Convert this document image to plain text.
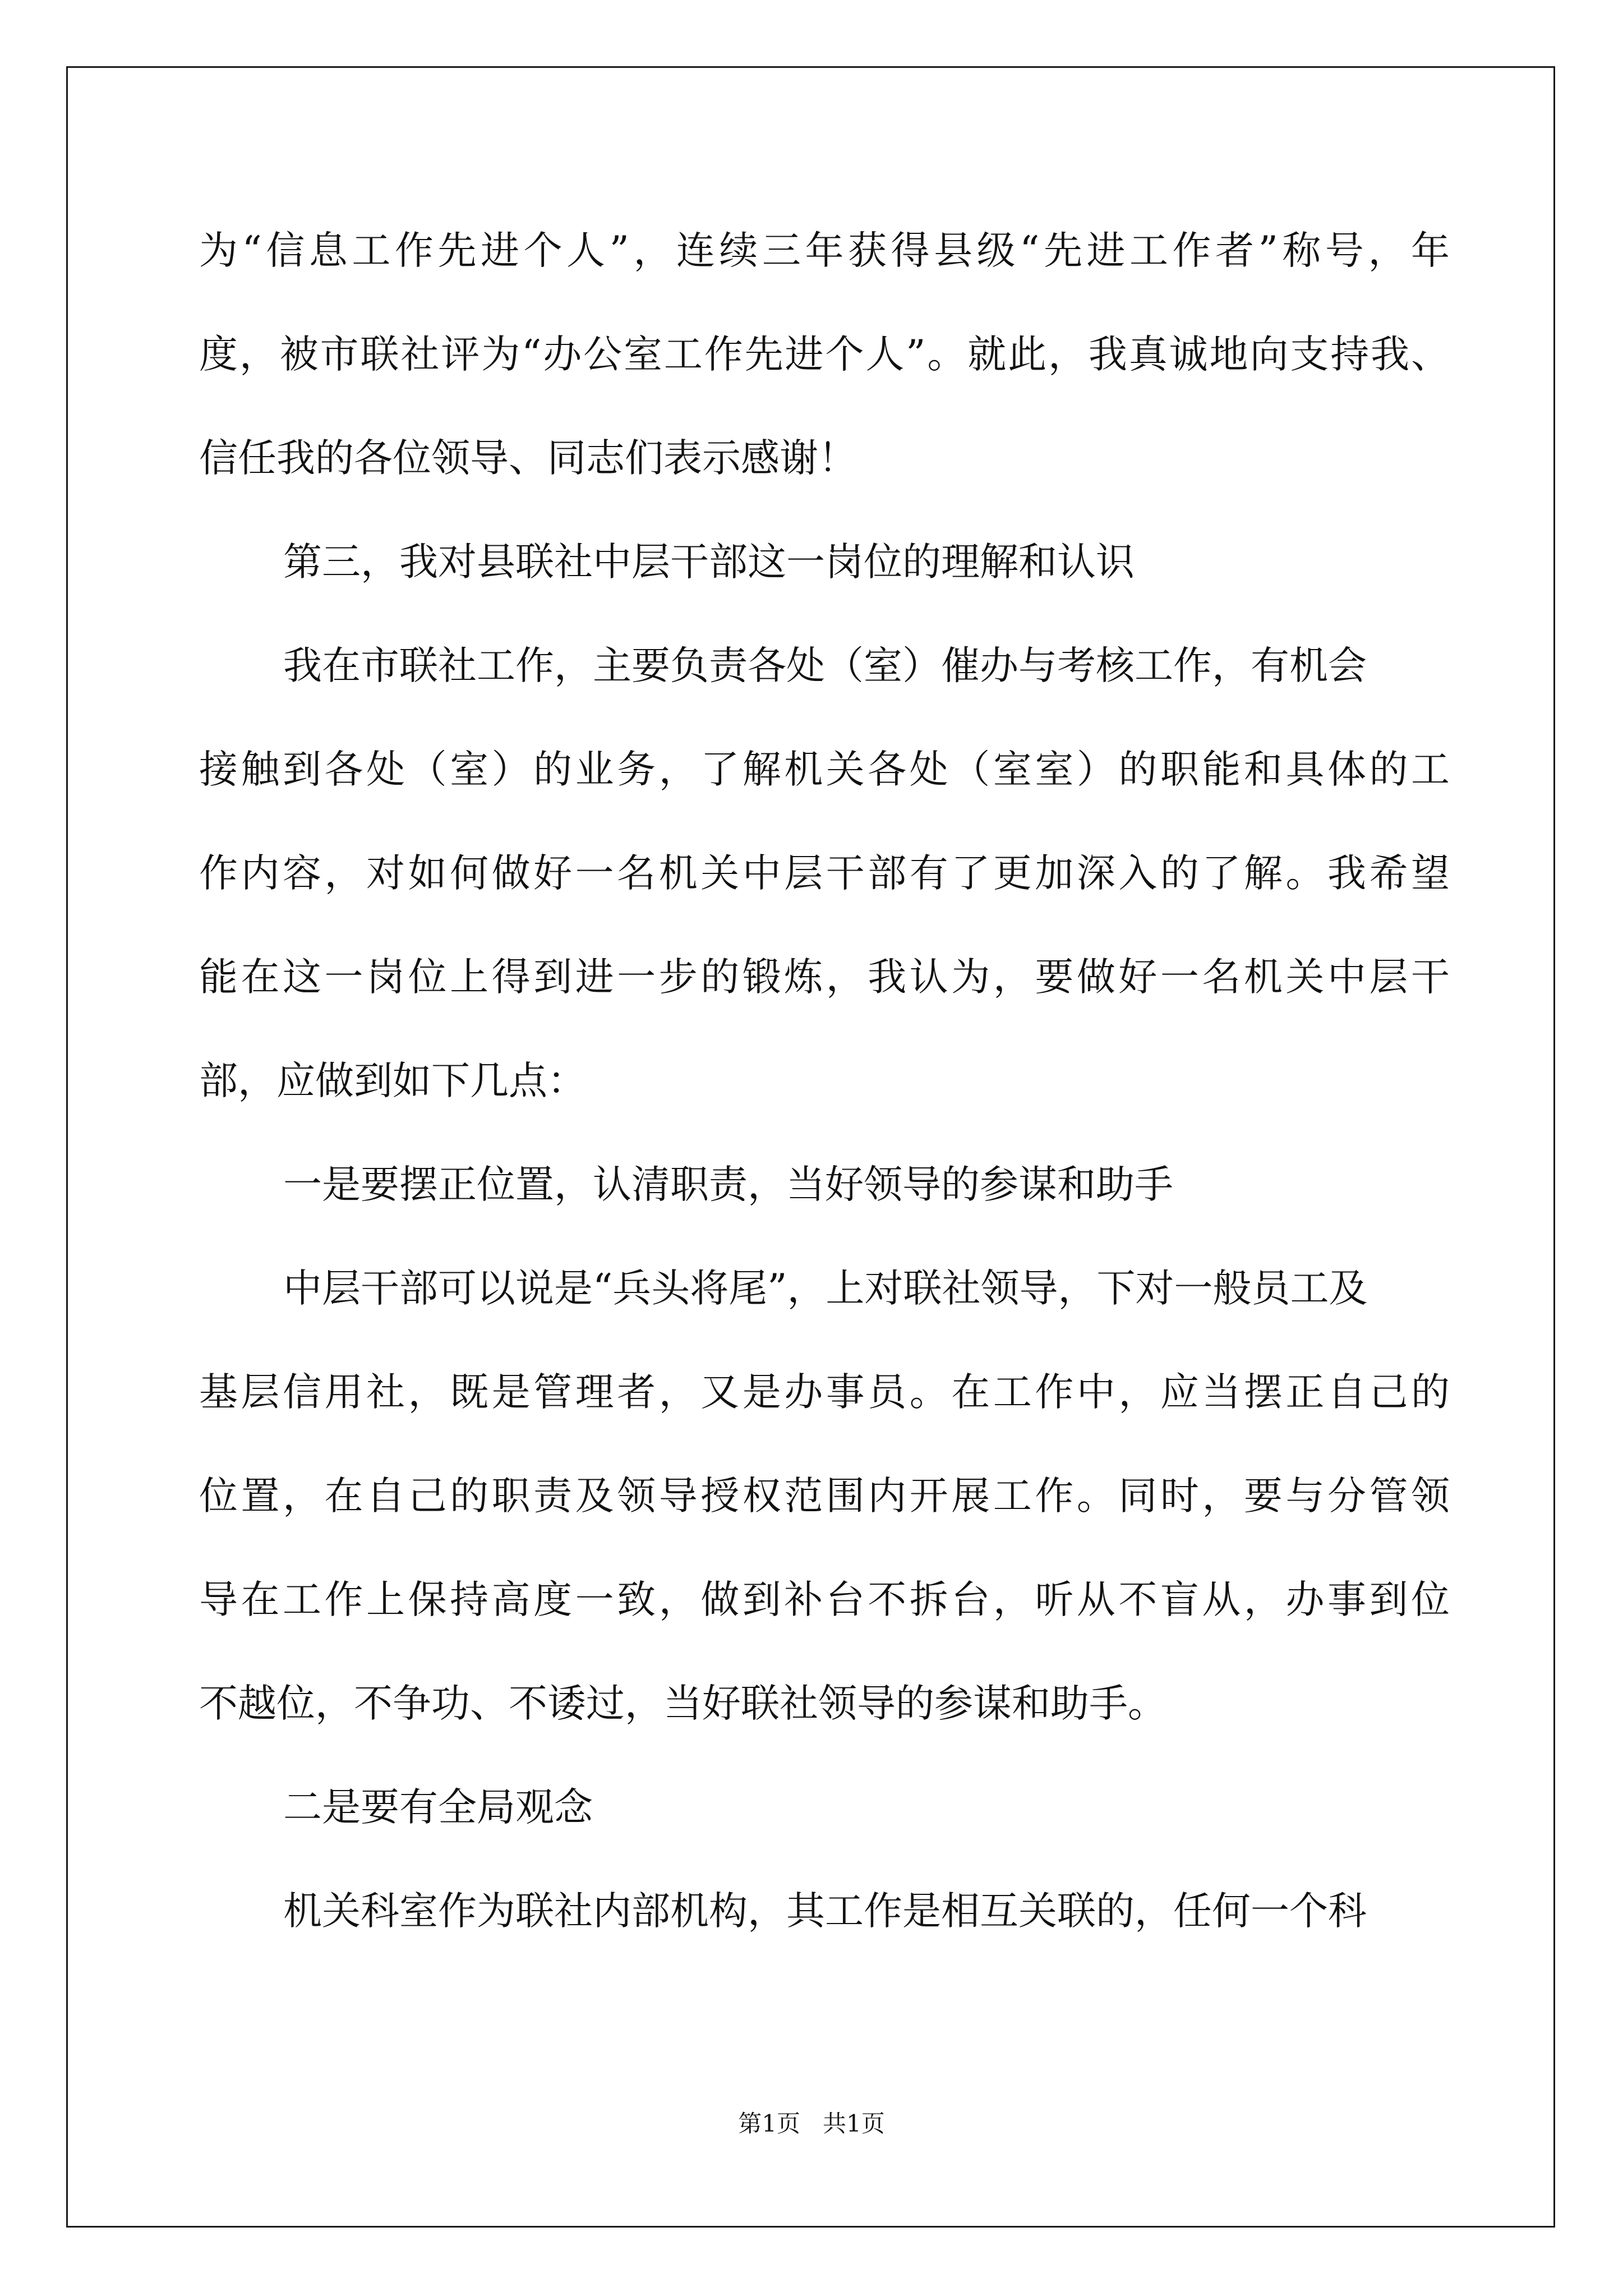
为“信息工作先进个人”，连续三年获得县级“先进工作者”称号，年
度，被市联社评为“办公室工作先进个人”。就此，我真诚地向支持我、
信任我的各位领导、同志们表示感谢！
第三，我对县联社中层干部这一岗位的理解和认识
我在市联社工作，主要负责各处（室）催办与考核工作，有机会
接触到各处（室）的业务，了解机关各处（室室）的职能和具体的工
作内容，对如何做好一名机关中层干部有了更加深入的了解。我希望
能在这一岗位上得到进一步的锻炼，我认为，要做好一名机关中层干
部，应做到如下几点：
一是要摆正位置，认清职责，当好领导的参谋和助手
中层干部可以说是“兵头将尾”，上对联社领导，下对一般员工及
基层信用社，既是管理者，又是办事员。在工作中，应当摆正自己的
位置，在自己的职责及领导授权范围内开展工作。同时，要与分管领
导在工作上保持高度一致，做到补台不拆台，听从不盲从，办事到位
不越位，不争功、不诿过，当好联社领导的参谋和助手。
二是要有全局观念
机关科室作为联社内部机构，其工作是相互关联的，任何一个科
第1页   共1页
